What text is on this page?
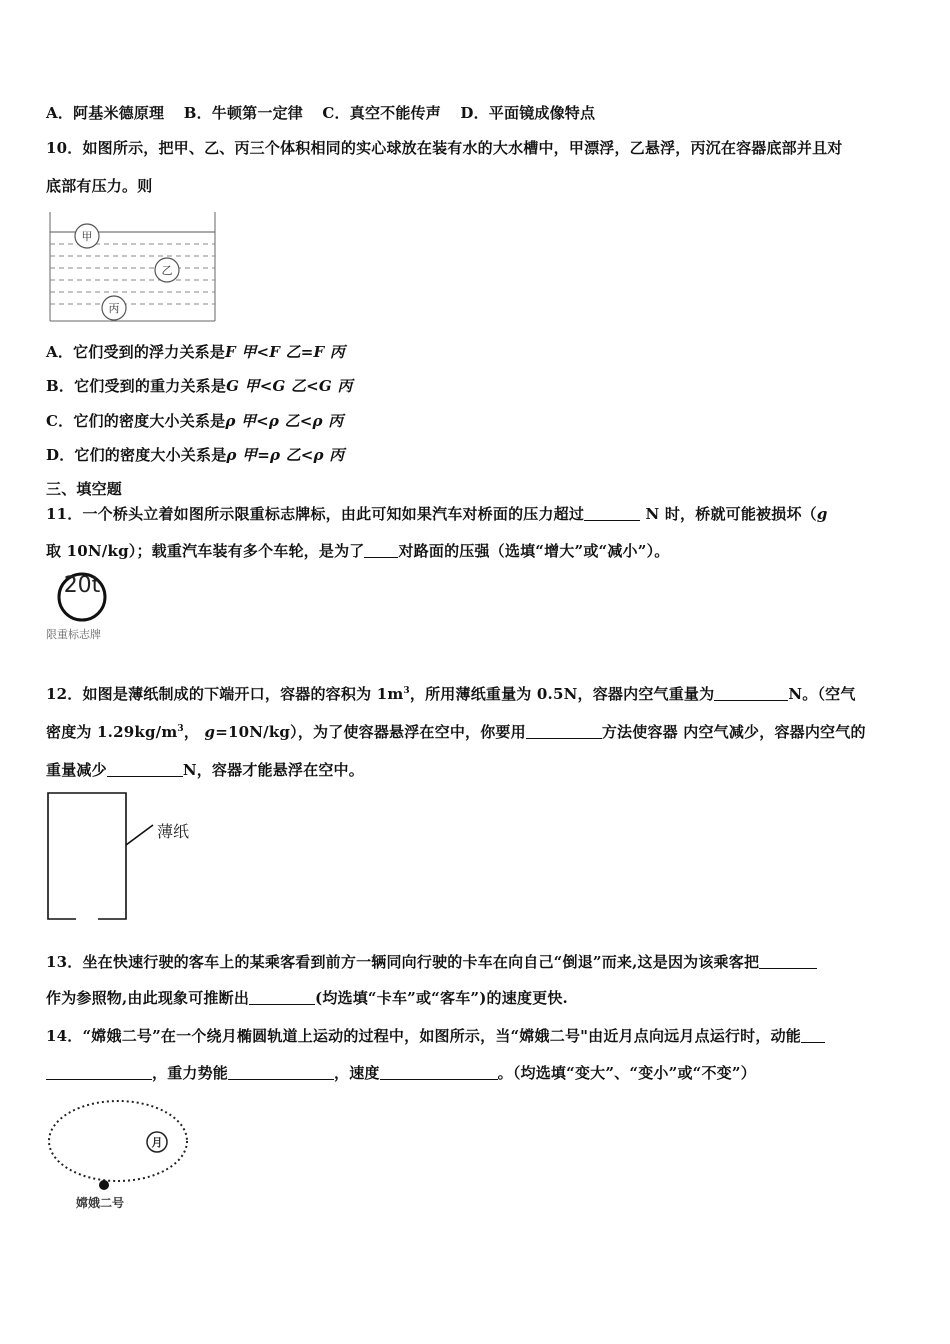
A．阿基米德原理 B．牛顿第一定律 C．真空不能传声 D．平面镜成像特点
10．如图所示，把甲、乙、丙三个体积相同的实心球放在装有水的大水槽中，甲漂浮，乙悬浮，丙沉在容器底部并且对
底部有压力。则
甲
乙
丙
A．它们受到的浮力关系是F 甲<F 乙=F 丙
B．它们受到的重力关系是G 甲<G 乙<G 丙
C．它们的密度大小关系是ρ 甲<ρ 乙<ρ 丙
D．它们的密度大小关系是ρ 甲=ρ 乙<ρ 丙
三、填空题
11．一个桥头立着如图所示限重标志牌标，由此可知如果汽车对桥面的压力超过	N 时，桥就可能被损坏（g
取 10N/kg）；载重汽车装有多个车轮，是为了 对路面的压强（选填“增大”或“减小”）。
20t
限重标志牌
12．如图是薄纸制成的下端开口，容器的容积为 $1m^3$，所用薄纸重量为 0.5N，容器内空气重量为	N。（空气
密度为 $1.29kg/m^3$， g=10N/kg），为了使容器悬浮在空中，你要用	方法使容器 内空气减少，容器内空气的
重量减少	N，容器才能悬浮在空中。
薄纸
13．坐在快速行驶的客车上的某乘客看到前方一辆同向行驶的卡车在向自己“倒退”而来,这是因为该乘客把
作为参照物,由此现象可推断出	(均选填“卡车”或“客车”)的速度更快.
14．“嫦娥二号”在一个绕月椭圆轨道上运动的过程中，如图所示，当“嫦娥二号"由近月点向远月点运行时，动能
，重力势能	，速度	。（均选填“变大”、“变小”或“不变”）
月
嫦娥二号
